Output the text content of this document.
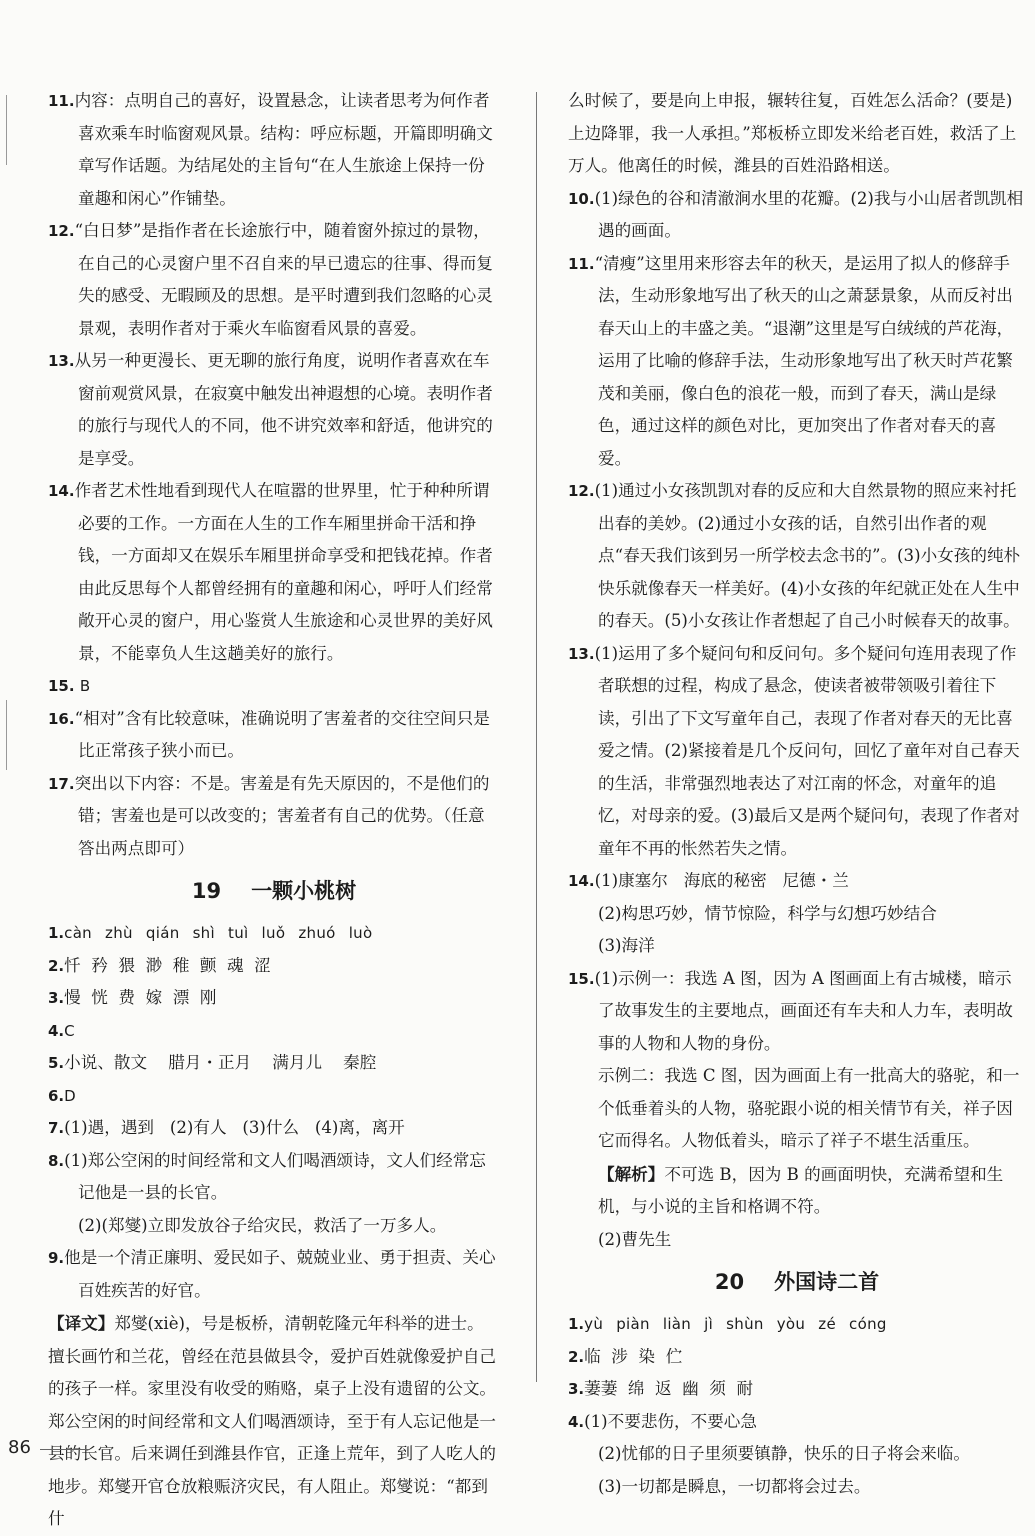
11.内容：点明自己的喜好，设置悬念，让读者思考为何作者喜欢乘车时临窗观风景。结构：呼应标题，开篇即明确文章写作话题。为结尾处的主旨句“在人生旅途上保持一份童趣和闲心”作铺垫。
12.“白日梦”是指作者在长途旅行中，随着窗外掠过的景物，在自己的心灵窗户里不召自来的早已遗忘的往事、得而复失的感受、无暇顾及的思想。是平时遭到我们忽略的心灵景观，表明作者对于乘火车临窗看风景的喜爱。
13.从另一种更漫长、更无聊的旅行角度，说明作者喜欢在车窗前观赏风景，在寂寞中触发出神遐想的心境。表明作者的旅行与现代人的不同，他不讲究效率和舒适，他讲究的是享受。
14.作者艺术性地看到现代人在喧嚣的世界里，忙于种种所谓必要的工作。一方面在人生的工作车厢里拼命干活和挣钱，一方面却又在娱乐车厢里拼命享受和把钱花掉。作者由此反思每个人都曾经拥有的童趣和闲心，呼吁人们经常敞开心灵的窗户，用心鉴赏人生旅途和心灵世界的美好风景，不能辜负人生这趟美好的旅行。
15. B
16.“相对”含有比较意味，准确说明了害羞者的交往空间只是比正常孩子狭小而已。
17.突出以下内容：不是。害羞是有先天原因的，不是他们的错；害羞也是可以改变的；害羞者有自己的优势。（任意答出两点即可）
19 一颗小桃树
1.càn zhù qián shì tuì luǒ zhuó luò
2.忏  矜  猥  渺  稚  颤  魂  涩
3.慢  恍  费  嫁  漂  刚
4.C
5.小说、散文    腊月・正月    满月儿    秦腔
6.D
7.(1)遇，遇到   (2)有人   (3)什么   (4)离，离开
8.(1)郑公空闲的时间经常和文人们喝酒颂诗，文人们经常忘记他是一县的长官。
(2)(郑燮)立即发放谷子给灾民，救活了一万多人。
9.他是一个清正廉明、爱民如子、兢兢业业、勇于担责、关心百姓疾苦的好官。
【译文】郑燮(xiè)，号是板桥，清朝乾隆元年科举的进士。擅长画竹和兰花，曾经在范县做县令，爱护百姓就像爱护自己的孩子一样。家里没有收受的贿赂，桌子上没有遗留的公文。郑公空闲的时间经常和文人们喝酒颂诗，至于有人忘记他是一县的长官。后来调任到潍县作官，正逢上荒年，到了人吃人的地步。郑燮开官仓放粮赈济灾民，有人阻止。郑燮说：“都到什
么时候了，要是向上申报，辗转往复，百姓怎么活命？(要是)上边降罪，我一人承担。”郑板桥立即发米给老百姓，救活了上万人。他离任的时候，潍县的百姓沿路相送。
10.(1)绿色的谷和清澈涧水里的花瓣。(2)我与小山居者凯凯相遇的画面。
11.“清瘦”这里用来形容去年的秋天，是运用了拟人的修辞手法，生动形象地写出了秋天的山之萧瑟景象，从而反衬出春天山上的丰盛之美。“退潮”这里是写白绒绒的芦花海，运用了比喻的修辞手法，生动形象地写出了秋天时芦花繁茂和美丽，像白色的浪花一般，而到了春天，满山是绿色，通过这样的颜色对比，更加突出了作者对春天的喜爱。
12.(1)通过小女孩凯凯对春的反应和大自然景物的照应来衬托出春的美妙。(2)通过小女孩的话，自然引出作者的观点“春天我们该到另一所学校去念书的”。(3)小女孩的纯朴快乐就像春天一样美好。(4)小女孩的年纪就正处在人生中的春天。(5)小女孩让作者想起了自己小时候春天的故事。
13.(1)运用了多个疑问句和反问句。多个疑问句连用表现了作者联想的过程，构成了悬念，使读者被带领吸引着往下读，引出了下文写童年自己，表现了作者对春天的无比喜爱之情。(2)紧接着是几个反问句，回忆了童年对自己春天的生活，非常强烈地表达了对江南的怀念，对童年的追忆，对母亲的爱。(3)最后又是两个疑问句，表现了作者对童年不再的怅然若失之情。
14.(1)康塞尔   海底的秘密   尼德・兰
(2)构思巧妙，情节惊险，科学与幻想巧妙结合
(3)海洋
15.(1)示例一：我选 A 图，因为 A 图画面上有古城楼，暗示了故事发生的主要地点，画面还有车夫和人力车，表明故事的人物和人物的身份。
示例二：我选 C 图，因为画面上有一批高大的骆驼，和一个低垂着头的人物，骆驼跟小说的相关情节有关，祥子因它而得名。人物低着头，暗示了祥子不堪生活重压。
【解析】不可选 B，因为 B 的画面明快，充满希望和生机，与小说的主旨和格调不符。
(2)曹先生
20 外国诗二首
1.yù piàn liàn jì shùn yòu zé cóng
2.临  涉  染  伫
3.萋萋  绵  返  幽  须  耐
4.(1)不要悲伤，不要心急
(2)忧郁的日子里须要镇静，快乐的日子将会来临。
(3)一切都是瞬息，一切都将会过去。
86
